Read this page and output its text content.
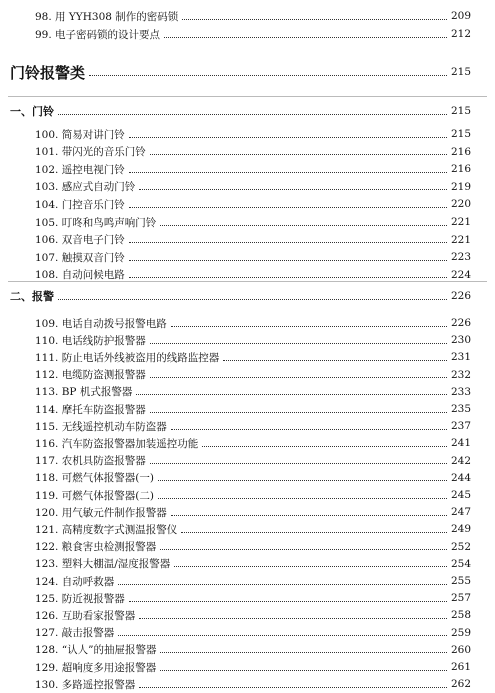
98. 用 YYH308 制作的密码锁	209
99. 电子密码锁的设计要点	212
门铃报警类	215
一、门铃	215
100. 简易对讲门铃	215
101. 带闪光的音乐门铃	216
102. 遥控电视门铃	216
103. 感应式自动门铃	219
104. 门控音乐门铃	220
105. 叮咚和鸟鸣声响门铃	221
106. 双音电子门铃	221
107. 触摸双音门铃	223
108. 自动问候电路	224
二、报警	226
109. 电话自动拨号报警电路	226
110. 电话线防护报警器	230
111. 防止电话外线被盗用的线路监控器	231
112. 电缆防盗测报警器	232
113. BP 机式报警器	233
114. 摩托车防盗报警器	235
115. 无线遥控机动车防盗器	237
116. 汽车防盗报警器加装遥控功能	241
117. 农机具防盗报警器	242
118. 可燃气体报警器(一)	244
119. 可燃气体报警器(二)	245
120. 用气敏元件制作报警器	247
121. 高精度数字式测温报警仪	249
122. 粮食害虫检测报警器	252
123. 塑料大棚温/湿度报警器	254
124. 自动呼救器	255
125. 防近视报警器	257
126. 互助看家报警器	258
127. 敲击报警器	259
128. “认人”的抽屉报警器	260
129. 超响度多用途报警器	261
130. 多路遥控报警器	262
